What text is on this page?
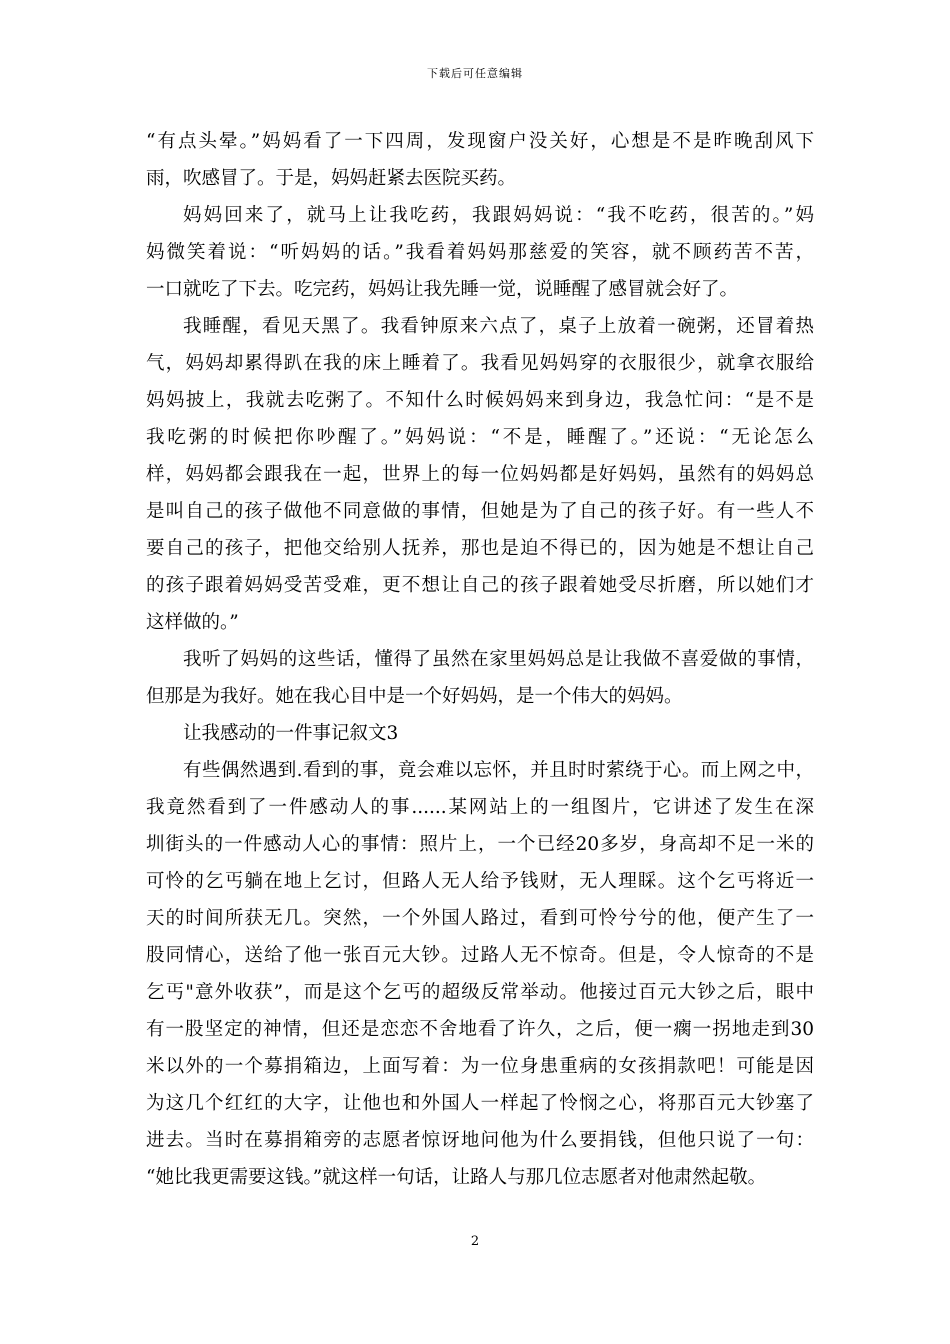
下载后可任意编辑
“有点头晕。”妈妈看了一下四周，发现窗户没关好，心想是不是昨晚刮风下
雨，吹感冒了。于是，妈妈赶紧去医院买药。
妈妈回来了，就马上让我吃药，我跟妈妈说：“我不吃药，很苦的。”妈
妈微笑着说：“听妈妈的话。”我看着妈妈那慈爱的笑容，就不顾药苦不苦，
一口就吃了下去。吃完药，妈妈让我先睡一觉，说睡醒了感冒就会好了。
我睡醒，看见天黑了。我看钟原来六点了，桌子上放着一碗粥，还冒着热
气，妈妈却累得趴在我的床上睡着了。我看见妈妈穿的衣服很少，就拿衣服给
妈妈披上，我就去吃粥了。不知什么时候妈妈来到身边，我急忙问：“是不是
我吃粥的时候把你吵醒了。”妈妈说：“不是，睡醒了。”还说：“无论怎么
样，妈妈都会跟我在一起，世界上的每一位妈妈都是好妈妈，虽然有的妈妈总
是叫自己的孩子做他不同意做的事情，但她是为了自己的孩子好。有一些人不
要自己的孩子，把他交给别人抚养，那也是迫不得已的，因为她是不想让自己
的孩子跟着妈妈受苦受难，更不想让自己的孩子跟着她受尽折磨，所以她们才
这样做的。”
我听了妈妈的这些话，懂得了虽然在家里妈妈总是让我做不喜爱做的事情，
但那是为我好。她在我心目中是一个好妈妈，是一个伟大的妈妈。
让我感动的一件事记叙文3
有些偶然遇到.看到的事，竟会难以忘怀，并且时时萦绕于心。而上网之中，
我竟然看到了一件感动人的事......某网站上的一组图片，它讲述了发生在深
圳街头的一件感动人心的事情：照片上，一个已经20多岁，身高却不足一米的
可怜的乞丐躺在地上乞讨，但路人无人给予钱财，无人理睬。这个乞丐将近一
天的时间所获无几。突然，一个外国人路过，看到可怜兮兮的他，便产生了一
股同情心，送给了他一张百元大钞。过路人无不惊奇。但是，令人惊奇的不是
乞丐"意外收获”，而是这个乞丐的超级反常举动。他接过百元大钞之后，眼中
有一股坚定的神情，但还是恋恋不舍地看了许久，之后，便一瘸一拐地走到30
米以外的一个募捐箱边，上面写着：为一位身患重病的女孩捐款吧！可能是因
为这几个红红的大字，让他也和外国人一样起了怜悯之心，将那百元大钞塞了
进去。当时在募捐箱旁的志愿者惊讶地问他为什么要捐钱，但他只说了一句：
“她比我更需要这钱。”就这样一句话，让路人与那几位志愿者对他肃然起敬。
2
